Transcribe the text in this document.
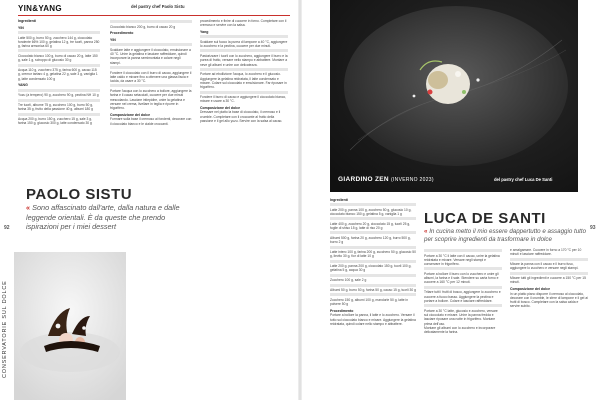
CONSERVATORIE SUL DOLCE
92
YIN&YANG	del pastry chef Paolo Sistu
Ingredienti
YIN
Latte 500 g, burro 50 g, zucchero 144 g, cioccolato fondente 66% 100 g, gelatina 12 g, tre tuorli, panna 250 g, farina armonica 60 g
Cioccolato bianco 100 g, burro di cacao 20 g, latte 150 g, sale 1 g, sciroppo di glucosio 30 g
Acqua 110 g, zucchero 375 g, farina 600 g, cacao 115 g, cremor tartaro 4 g, gelatina 22 g, sale 3 g, vaniglia 1 g, latte condensato 100 g
YANG
Yuzu (a tempero) 90 g, zucchero 90 g, pectina NH 10 g
Tre tuorli, albume 75 g, zucchero 100 g, burro 50 g, farina 35 g, frutto della passione 40 g, albumi 180 g
Acqua 200 g, burro 150 g, zucchero 15 g, sale 3 g, farina 150 g, glucosio 300 g, latte condensato 30 g
Cioccolato bianco 200 g, burro di cacao 20 g
Procedimento
YIN
Scaldare latte e aggiungere il cioccolato, emulsionare a 40 °C. Unire la gelatina e lasciare raffreddare, quindi incorporare la panna semimontata e colare negli stampi.
Fondere il cioccolato con il burro di cacao, aggiungere il latte caldo e mixare fino a ottenere una glassa liscia e lucida, da usare a 30 °C.
Portare l'acqua con lo zucchero a bollore, aggiungere la farina e il cacao setacciati, cuocere per due minuti mescolando. Lasciare intiepidire, unire la gelatina e versare nel crema, livellare in teglia e riporre in frigorifero.
Composizione del dolce
Formare sulla base il cremoso ai fondenti, decorare con il cioccolato bianco e le cialde croccanti.
procedimento e finire di cuocere in forno. Completare con il cremoso e servire con la salsa.
Yang
Scaldare sul fuoco la purea di lampone a 40 °C, aggiungere lo zucchero e la pectina, cuocere per due minuti.
Pastorizzare i tuorli con lo zucchero, aggiungere il burro e la purea di frutto, versare nello stampo e abbattere. Montare a neve gli albumi e unire con delicatezza.
Portare ad ebollizione l'acqua, lo zucchero e il glucosio. Aggiungere la gelatina reidratata, il latte condensato e mixare. Colare sul cioccolato e emulsionare. Far riposare in frigorifero.
Fondere il burro di cacao e aggiungere il cioccolato bianco, mixare e usare a 30 °C.
Composizione del dolce
Dressare nel piatto la base di cioccolato, il cremoso e il crumble. Completare con il croccante al frutto della passione e il gel allo yuzu. Servire con la salsa al cacao.
PAOLO SISTU
« Sono affascinato dall'arte, dalla natura e dalle leggende orientali. È da queste che prendo ispirazioni per i miei dessert	93
GIARDINO ZEN (INVERNO 2023)	del pastry chef Luca De Santi
Ingredienti
Latte 200 g, panna 100 g, zucchero 50 g, glucosio 10 g, cioccolato bianco 150 g, gelatina 5 g, vaniglia 1 g
Latte 400 g, zucchero 20 g, cioccolato 15 g, tuorli 25 g, foglie di shiso 15 g, latte di riso 20 g
Albumi 500 g, farina 20 g, zucchero 120 g, burro 500 g, burro 2 g
Latte intero 100 g, farina 200 g, zucchero 50 g, glucosio 50 g, lievito 30 g, fior di latte 10 g
Latte 200 g, panna 200 g, cioccolato 150 g, tuorli 100 g, gelatina 5 g, acqua 30 g
Zucchero 100 g, sale 2 g
Albumi 50 g, burro 50 g, farina 50 g, cacao 15 g, tuorli 30 g
Zucchero 150 g, albumi 100 g, mandorle 50 g, latte in polvere 50 g
Procedimento
Portare a bollore la panna, il latte e lo zucchero. Versare il tutto sul cioccolato bianco e mixare. Aggiungere la gelatina reidratata, quindi colare nello stampo e abbattere.
LUCA DE SANTI
« In cucina metto il mio essere dappertutto e assaggio tutto per scoprire ingredienti da trasformare in dolce
Portare a 30 °C il latte con il cacao, unire la gelatina reidratata e mixare. Versare negli stampi e conservare in frigorifero.
Portare a bollore il burro con lo zucchero e unire gli albumi, la farina e il sale. Stendere su carta forno e cuocere a 160 °C per 12 minuti.
Tritare tutti i frutti di bosco, aggiungere lo zucchero e cuocere a fuoco basso. Aggiungere la pectina e portare a bollore. Colare e lasciare raffreddare.
Portare a 30 °C latte, glucosio e zucchero, versare sul cioccolato e mixare. Unire la panna fredda e lasciare riposare una notte in frigorifero. Montare prima dell'uso.
Montare gli albumi con lo zucchero e incorporare delicatamente la farina.
e amalgamare. Cuocere in forno a 170 °C per 10 minuti e lasciare raffreddare.
Mixare la panna con il cacao e il burro fuso, aggiungere lo zucchero e versare negli stampi.
Mixare tutti gli ingredienti e cuocere a 150 °C per 15 minuti.
Composizione del dolce
In un piatto piano disporre il cremoso al cioccolato, decorare con il crumble, le sfere di lampone e il gel ai frutti di bosco. Completare con la salsa calda e servire subito.
